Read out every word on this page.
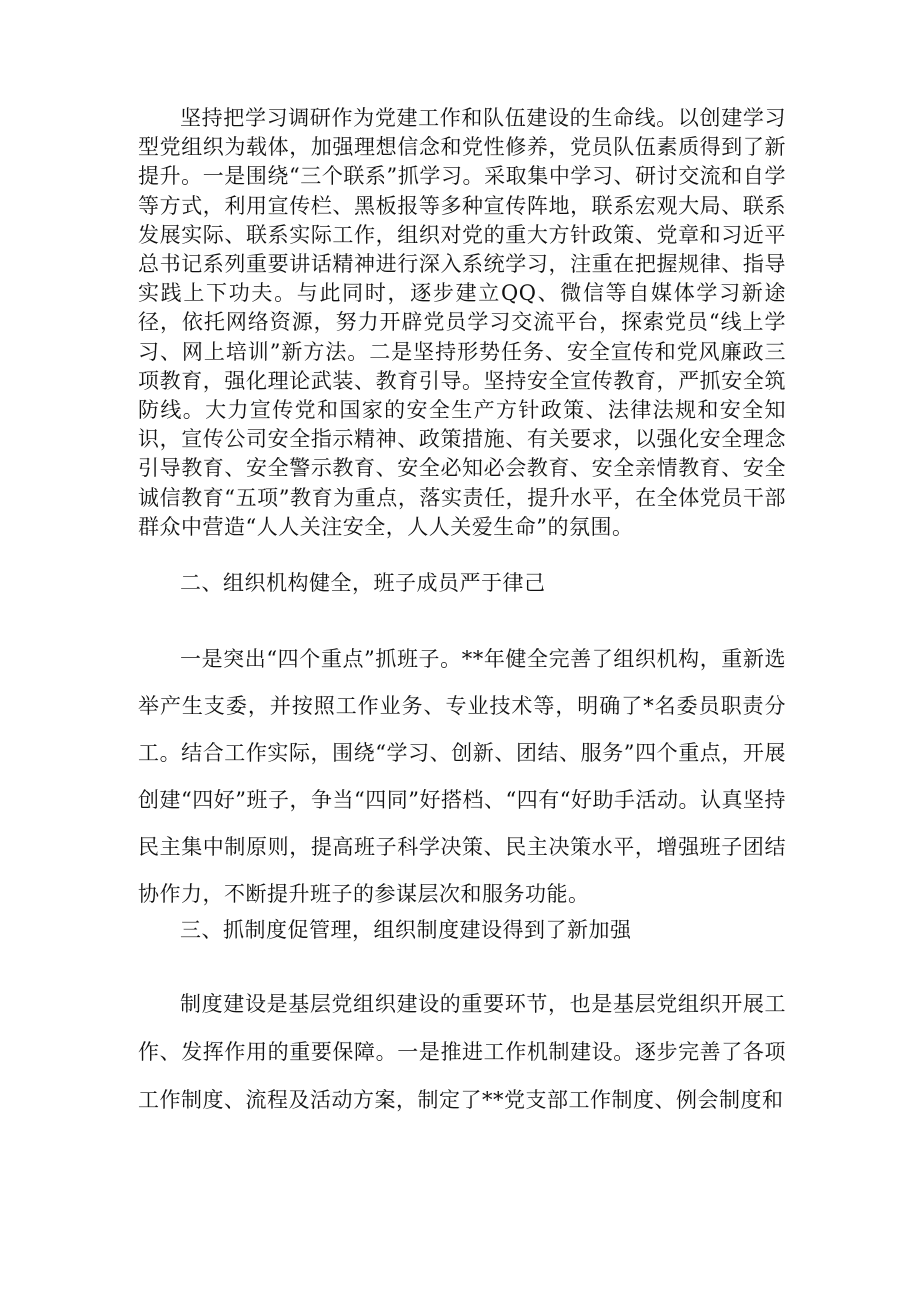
坚持把学习调研作为党建工作和队伍建设的生命线。以创建学习型党组织为载体，加强理想信念和党性修养，党员队伍素质得到了新提升。一是围绕“三个联系”抓学习。采取集中学习、研讨交流和自学等方式，利用宣传栏、黑板报等多种宣传阵地，联系宏观大局、联系发展实际、联系实际工作，组织对党的重大方针政策、党章和习近平总书记系列重要讲话精神进行深入系统学习，注重在把握规律、指导实践上下功夫。与此同时，逐步建立QQ、微信等自媒体学习新途径，依托网络资源，努力开辟党员学习交流平台，探索党员“线上学习、网上培训”新方法。二是坚持形势任务、安全宣传和党风廉政三项教育，强化理论武装、教育引导。坚持安全宣传教育，严抓安全筑防线。大力宣传党和国家的安全生产方针政策、法律法规和安全知识，宣传公司安全指示精神、政策措施、有关要求，以强化安全理念引导教育、安全警示教育、安全必知必会教育、安全亲情教育、安全诚信教育“五项”教育为重点，落实责任，提升水平，在全体党员干部群众中营造“人人关注安全，人人关爱生命”的氛围。

二、组织机构健全，班子成员严于律己

一是突出“四个重点”抓班子。**年健全完善了组织机构，重新选举产生支委，并按照工作业务、专业技术等，明确了*名委员职责分工。结合工作实际，围绕“学习、创新、团结、服务”四个重点，开展创建“四好”班子，争当“四同”好搭档、“四有“好助手活动。认真坚持民主集中制原则，提高班子科学决策、民主决策水平，增强班子团结协作力，不断提升班子的参谋层次和服务功能。

三、抓制度促管理，组织制度建设得到了新加强

制度建设是基层党组织建设的重要环节，也是基层党组织开展工作、发挥作用的重要保障。一是推进工作机制建设。逐步完善了各项工作制度、流程及活动方案，制定了**党支部工作制度、例会制度和
